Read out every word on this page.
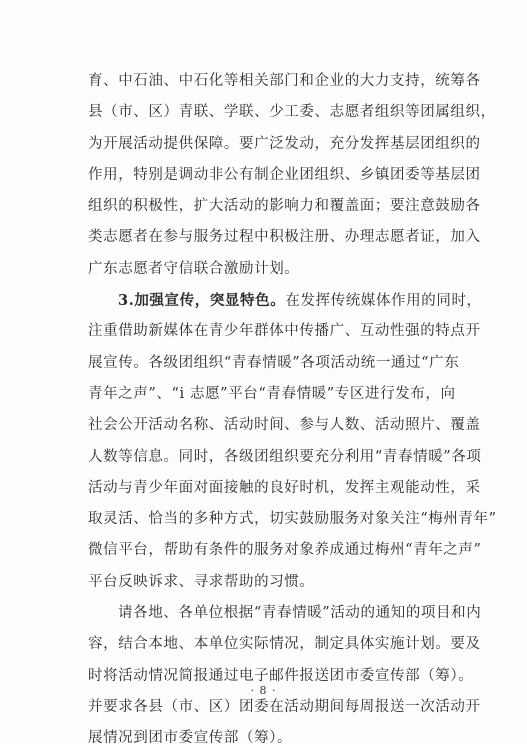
育、中石油、中石化等相关部门和企业的大力支持，统筹各
县（市、区）青联、学联、少工委、志愿者组织等团属组织，
为开展活动提供保障。要广泛发动，充分发挥基层团组织的
作用，特别是调动非公有制企业团组织、乡镇团委等基层团
组织的积极性，扩大活动的影响力和覆盖面；要注意鼓励各
类志愿者在参与服务过程中积极注册、办理志愿者证，加入
广东志愿者守信联合激励计划。
3.加强宣传，突显特色。在发挥传统媒体作用的同时，
注重借助新媒体在青少年群体中传播广、互动性强的特点开
展宣传。各级团组织“青春情暖”各项活动统一通过“广东
青年之声”、“i 志愿”平台“青春情暖”专区进行发布，向
社会公开活动名称、活动时间、参与人数、活动照片、覆盖
人数等信息。同时，各级团组织要充分利用“青春情暖”各项
活动与青少年面对面接触的良好时机，发挥主观能动性，采
取灵活、恰当的多种方式，切实鼓励服务对象关注“梅州青年”
微信平台，帮助有条件的服务对象养成通过梅州“青年之声”
平台反映诉求、寻求帮助的习惯。
请各地、各单位根据“青春情暖”活动的通知的项目和内
容，结合本地、本单位实际情况，制定具体实施计划。要及
时将活动情况简报通过电子邮件报送团市委宣传部（筹）。
并要求各县（市、区）团委在活动期间每周报送一次活动开
展情况到团市委宣传部（筹）。
· 8 ·
